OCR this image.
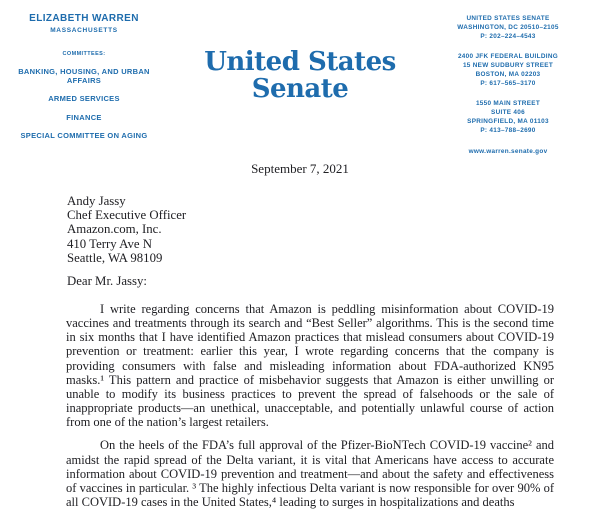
ELIZABETH WARREN
MASSACHUSETTS
COMMITTEES:
BANKING, HOUSING, AND URBAN AFFAIRS
ARMED SERVICES
FINANCE
SPECIAL COMMITTEE ON AGING
United States Senate
UNITED STATES SENATE
WASHINGTON, DC 20510–2105
P: 202–224–4543
2400 JFK FEDERAL BUILDING
15 NEW SUDBURY STREET
BOSTON, MA 02203
P: 617–565–3170
1550 MAIN STREET
SUITE 406
SPRINGFIELD, MA 01103
P: 413–788–2690
www.warren.senate.gov
September 7, 2021
Andy Jassy
Chef Executive Officer
Amazon.com, Inc.
410 Terry Ave N
Seattle, WA 98109
Dear Mr. Jassy:

I write regarding concerns that Amazon is peddling misinformation about COVID-19 vaccines and treatments through its search and “Best Seller” algorithms. This is the second time in six months that I have identified Amazon practices that mislead consumers about COVID-19 prevention or treatment: earlier this year, I wrote regarding concerns that the company is providing consumers with false and misleading information about FDA-authorized KN95 masks.¹ This pattern and practice of misbehavior suggests that Amazon is either unwilling or unable to modify its business practices to prevent the spread of falsehoods or the sale of inappropriate products—an unethical, unacceptable, and potentially unlawful course of action from one of the nation’s largest retailers.

On the heels of the FDA’s full approval of the Pfizer-BioNTech COVID-19 vaccine² and amidst the rapid spread of the Delta variant, it is vital that Americans have access to accurate information about COVID-19 prevention and treatment—and about the safety and effectiveness of vaccines in particular. ³ The highly infectious Delta variant is now responsible for over 90% of all COVID-19 cases in the United States,⁴ leading to surges in hospitalizations and deaths
